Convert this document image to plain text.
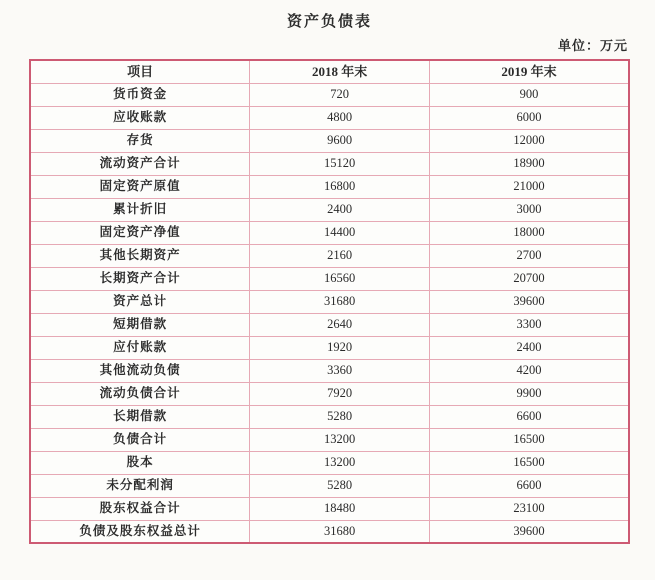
资产负债表
单位：万元
项目	2018 年末	2019 年末
货币资金	720	900
应收账款	4800	6000
存货	9600	12000
流动资产合计	15120	18900
固定资产原值	16800	21000
累计折旧	2400	3000
固定资产净值	14400	18000
其他长期资产	2160	2700
长期资产合计	16560	20700
资产总计	31680	39600
短期借款	2640	3300
应付账款	1920	2400
其他流动负债	3360	4200
流动负债合计	7920	9900
长期借款	5280	6600
负债合计	13200	16500
股本	13200	16500
未分配利润	5280	6600
股东权益合计	18480	23100
负债及股东权益总计	31680	39600
